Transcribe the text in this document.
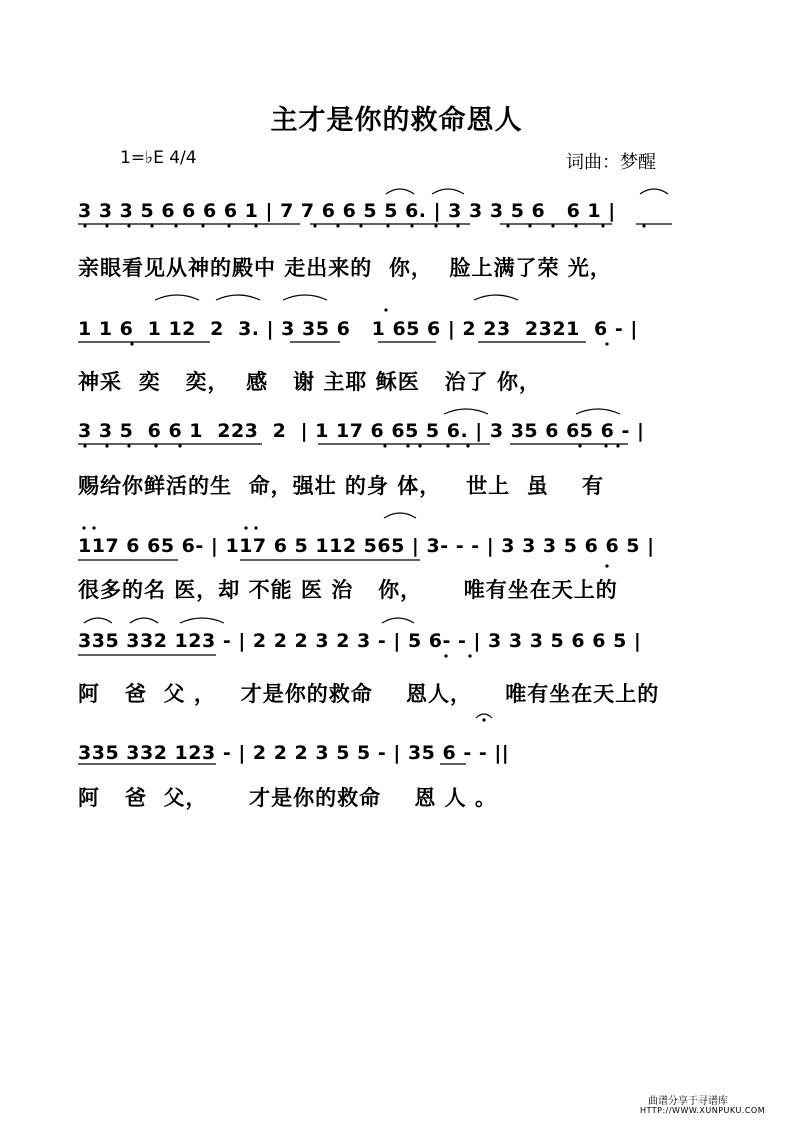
主才是你的救命恩人
1=♭E 4/4	词曲：梦醒
3 3 3 5 6 6 6 6 1 | 7 7 6 6 5 5 6. | 3 3 3 5 6   6 1 |
亲眼看见从神的殿中 走出来的  你，  脸上满了荣 光，
1 1 6  1 12  2  3. | 3 35 6   1 65 6 | 2 23  2321  6 - |
神采  奕   奕，  感   谢 主耶 稣医   治了 你，
3 3 5  6 6 1  223  2  | 1 17 6 65 5 6. | 3 35 6 65 6 - |
赐给你鲜活的生  命，强壮 的身 体，   世上  虽    有
117 6 65 6- | 117 6 5 112 565 | 3- - - | 3 3 3 5 6 6 5 |
很多的名 医，却 不能 医 治   你，     唯有坐在天上的
335 332 123 - | 2 2 2 3 2 3 - | 5 6- - | 3 3 3 5 6 6 5 |
阿   爸  父 ，   才是你的救命    恩人，    唯有坐在天上的
335 332 123 - | 2 2 2 3 5 5 - | 35 6 - - ||
阿   爸  父，     才是你的救命    恩 人 。
曲谱分享于寻谱库
HTTP://WWW.XUNPUKU.COM
